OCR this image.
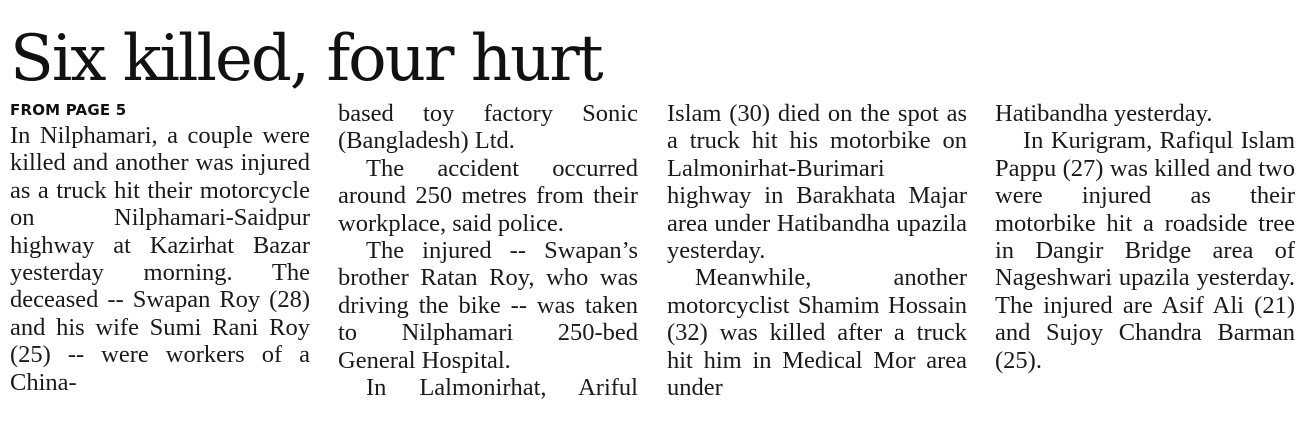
Six killed, four hurt
FROM PAGE 5

In Nilphamari, a couple were killed and another was injured as a truck hit their motorcycle on Nilphamari-Saidpur highway at Kazirhat Bazar yesterday morning. The deceased -- Swapan Roy (28) and his wife Sumi Rani Roy (25) -- were workers of a China-

based toy factory Sonic (Bangladesh) Ltd.

The accident occurred around 250 metres from their workplace, said police.

The injured -- Swapan’s brother Ratan Roy, who was driving the bike -- was taken to Nilphamari 250-bed General Hospital.

In Lalmonirhat, Ariful

Islam (30) died on the spot as a truck hit his motorbike on Lalmonirhat-Burimari highway in Barakhata Majar area under Hatibandha upazila yesterday.

Meanwhile, another motorcyclist Shamim Hossain (32) was killed after a truck hit him in Medical Mor area under

Hatibandha yesterday.

In Kurigram, Rafiqul Islam Pappu (27) was killed and two were injured as their motorbike hit a roadside tree in Dangir Bridge area of Nageshwari upazila yesterday. The injured are Asif Ali (21) and Sujoy Chandra Barman (25).
